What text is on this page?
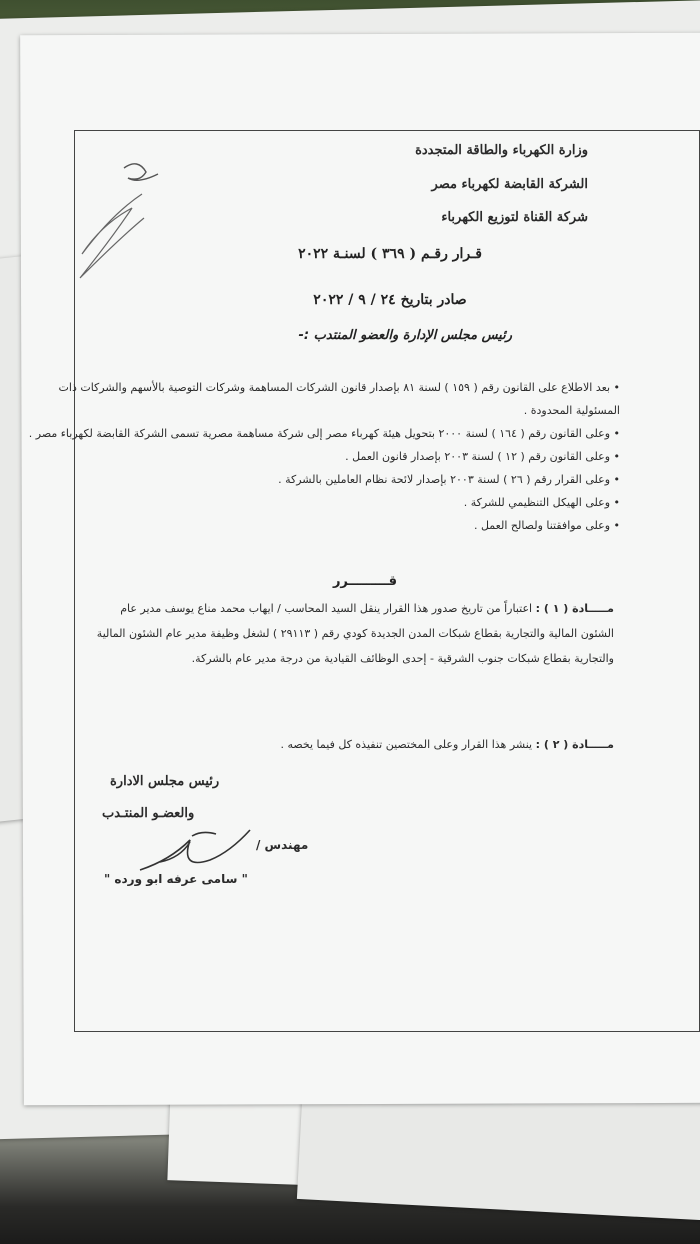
وزارة الكهرباء والطاقة المتجددة
الشركة القابضة لكهرباء مصر
شركة القناة لتوزيع الكهرباء
قـرار رقـم ( ٣٦٩ ) لسنـة ٢٠٢٢
صادر بتاريخ ٢٤ / ٩ / ٢٠٢٢
رئيس مجلس الإدارة والعضو المنتدب :-
• بعد الاطلاع على القانون رقم ( ١٥٩ ) لسنة ٨١ بإصدار قانون الشركات المساهمة وشركات التوصية بالأسهم والشركات ذات
المسئولية المحدودة .
• وعلى القانون رقم ( ١٦٤ ) لسنة ٢٠٠٠ بتحويل هيئة كهرباء مصر إلى شركة مساهمة مصرية تسمى الشركة القابضة لكهرباء مصر .
• وعلى القانون رقم ( ١٢ ) لسنة ٢٠٠٣ بإصدار قانون العمل .
• وعلى القرار رقم ( ٢٦ ) لسنة ٢٠٠٣ بإصدار لائحة نظام العاملين بالشركة .
• وعلى الهيكل التنظيمي للشركة .
• وعلى موافقتنا ولصالح العمل .
قـــــــــرر
مـــــادة ( ١ ) : اعتباراً من تاريخ صدور هذا القرار ينقل السيد المحاسب / ايهاب محمد مناع يوسف مدير عام الشئون المالية والتجارية بقطاع شبكات المدن الجديدة كودي رقم ( ٢٩١١٣ ) لشغل وظيفة مدير عام الشئون المالية والتجارية بقطاع شبكات جنوب الشرقية - إحدى الوظائف القيادية من درجة مدير عام بالشركة.
مـــــادة ( ٢ ) : ينشر هذا القرار وعلى المختصين تنفيذه كل فيما يخصه .
رئيس مجلس الادارة
والعضـو المنتـدب
مهندس /
" سامى عرفه ابو ورده "
